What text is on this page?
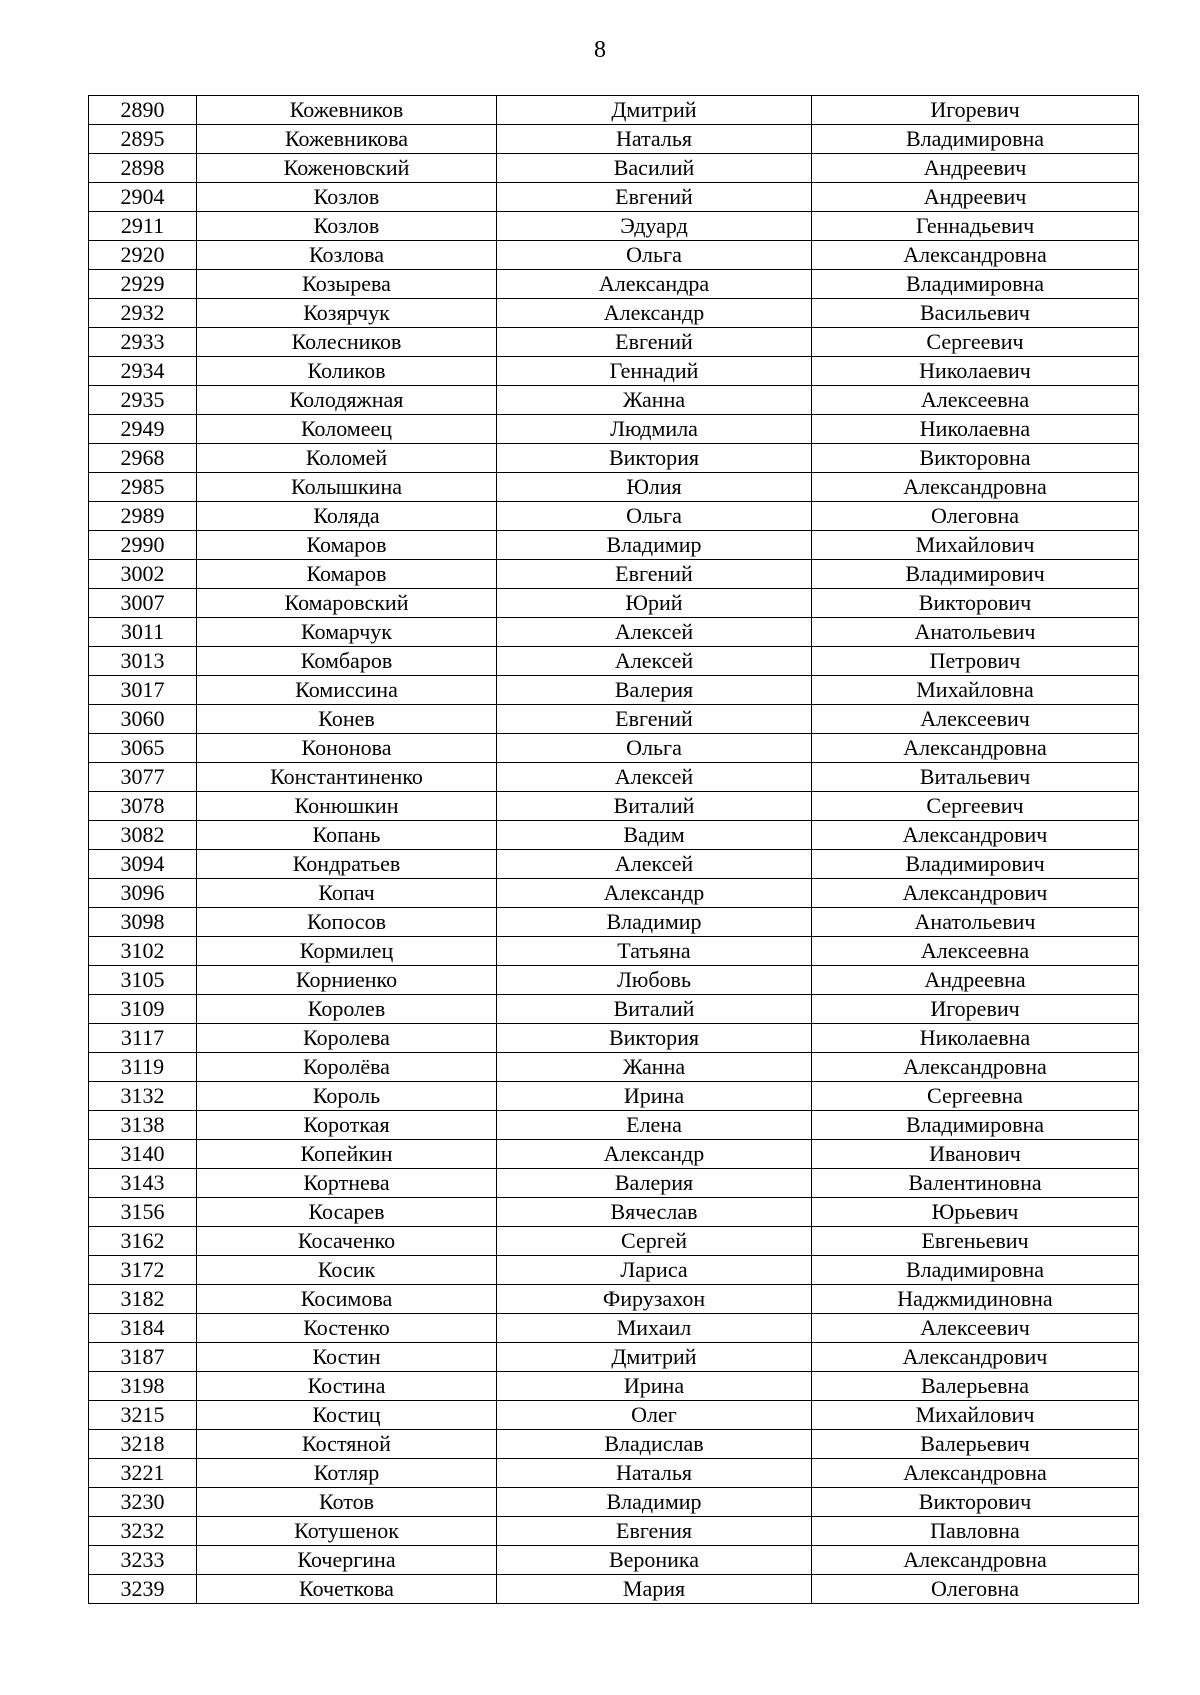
8
2890	Кожевников	Дмитрий	Игоревич
2895	Кожевникова	Наталья	Владимировна
2898	Коженовский	Василий	Андреевич
2904	Козлов	Евгений	Андреевич
2911	Козлов	Эдуард	Геннадьевич
2920	Козлова	Ольга	Александровна
2929	Козырева	Александра	Владимировна
2932	Козярчук	Александр	Васильевич
2933	Колесников	Евгений	Сергеевич
2934	Коликов	Геннадий	Николаевич
2935	Колодяжная	Жанна	Алексеевна
2949	Коломеец	Людмила	Николаевна
2968	Коломей	Виктория	Викторовна
2985	Колышкина	Юлия	Александровна
2989	Коляда	Ольга	Олеговна
2990	Комаров	Владимир	Михайлович
3002	Комаров	Евгений	Владимирович
3007	Комаровский	Юрий	Викторович
3011	Комарчук	Алексей	Анатольевич
3013	Комбаров	Алексей	Петрович
3017	Комиссина	Валерия	Михайловна
3060	Конев	Евгений	Алексеевич
3065	Кононова	Ольга	Александровна
3077	Константиненко	Алексей	Витальевич
3078	Конюшкин	Виталий	Сергеевич
3082	Копань	Вадим	Александрович
3094	Кондратьев	Алексей	Владимирович
3096	Копач	Александр	Александрович
3098	Копосов	Владимир	Анатольевич
3102	Кормилец	Татьяна	Алексеевна
3105	Корниенко	Любовь	Андреевна
3109	Королев	Виталий	Игоревич
3117	Королева	Виктория	Николаевна
3119	Королёва	Жанна	Александровна
3132	Король	Ирина	Сергеевна
3138	Короткая	Елена	Владимировна
3140	Копейкин	Александр	Иванович
3143	Кортнева	Валерия	Валентиновна
3156	Косарев	Вячеслав	Юрьевич
3162	Косаченко	Сергей	Евгеньевич
3172	Косик	Лариса	Владимировна
3182	Косимова	Фирузахон	Наджмидиновна
3184	Костенко	Михаил	Алексеевич
3187	Костин	Дмитрий	Александрович
3198	Костина	Ирина	Валерьевна
3215	Костиц	Олег	Михайлович
3218	Костяной	Владислав	Валерьевич
3221	Котляр	Наталья	Александровна
3230	Котов	Владимир	Викторович
3232	Котушенок	Евгения	Павловна
3233	Кочергина	Вероника	Александровна
3239	Кочеткова	Мария	Олеговна
